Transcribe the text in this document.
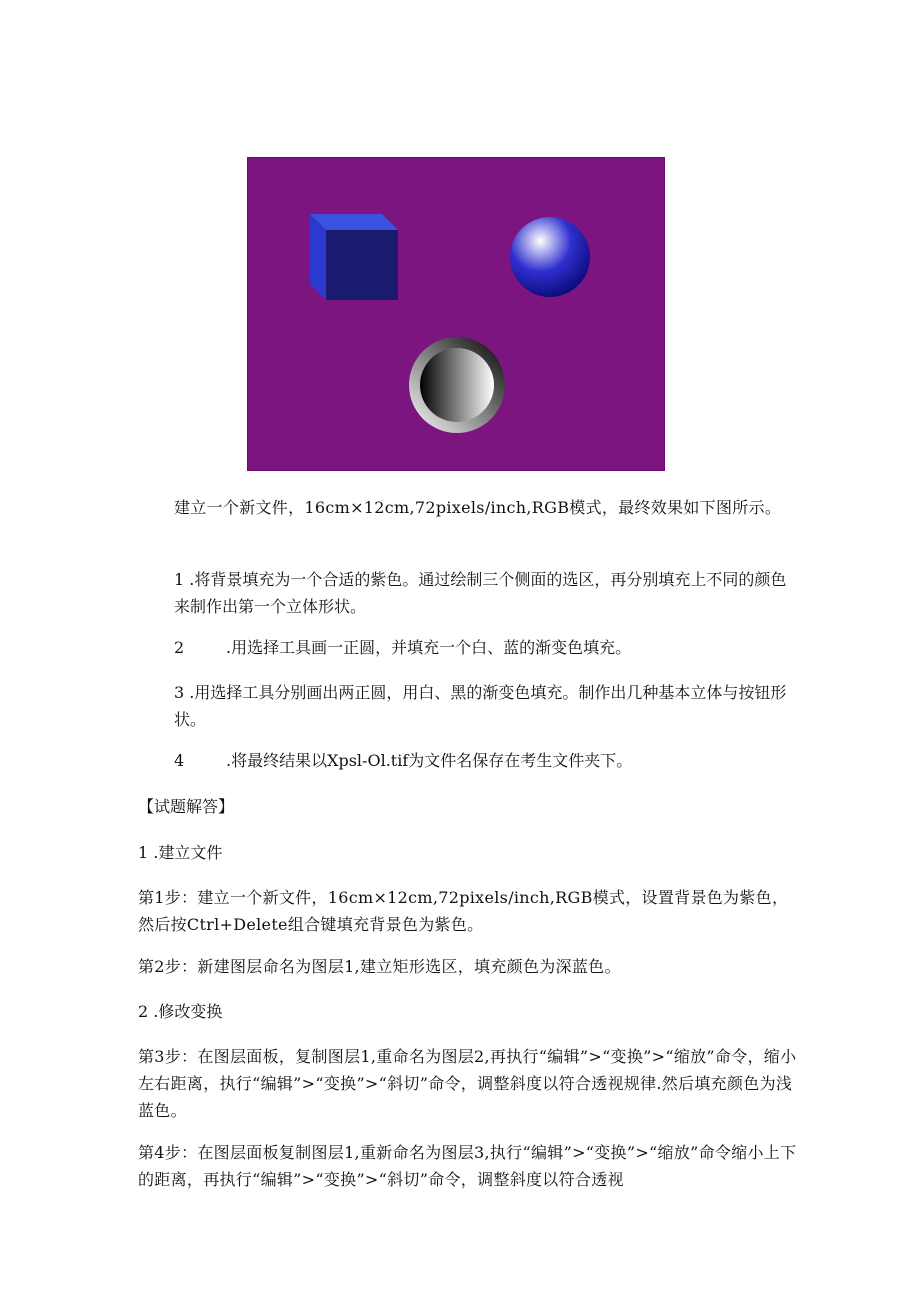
建立一个新文件，16cm×12cm,72pixels/inch,RGB模式，最终效果如下图所示。

1 .将背景填充为一个合适的紫色。通过绘制三个侧面的选区，再分别填充上不同的颜色来制作出第一个立体形状。

2	.用选择工具画一正圆，并填充一个白、蓝的渐变色填充。

3 .用选择工具分别画出两正圆，用白、黑的渐变色填充。制作出几种基本立体与按钮形状。

4	.将最终结果以Xpsl-Ol.tif为文件名保存在考生文件夹下。

【试题解答】

1 .建立文件

第1步：建立一个新文件，16cm×12cm,72pixels/inch,RGB模式，设置背景色为紫色，然后按Ctrl+Delete组合键填充背景色为紫色。

第2步：新建图层命名为图层1,建立矩形选区，填充颜色为深蓝色。

2 .修改变换

第3步：在图层面板，复制图层1,重命名为图层2,再执行“编辑”>“变换”>“缩放”命令，缩小左右距离，执行“编辑”>“变换”>“斜切”命令，调整斜度以符合透视规律.然后填充颜色为浅蓝色。

第4步：在图层面板复制图层1,重新命名为图层3,执行“编辑”>“变换”>“缩放”命令缩小上下的距离，再执行“编辑”>“变换”>“斜切”命令，调整斜度以符合透视
